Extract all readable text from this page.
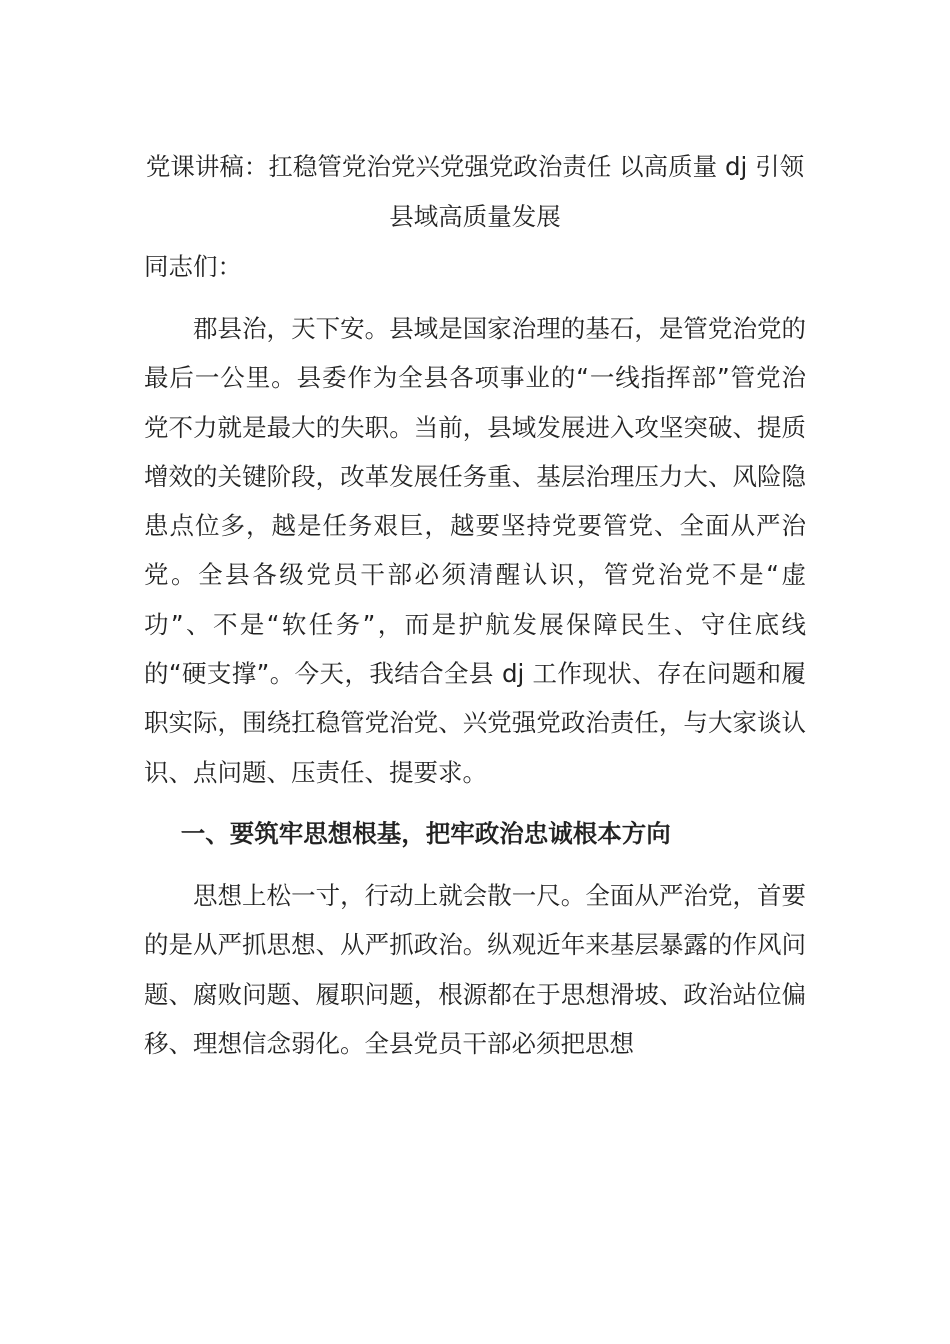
党课讲稿：扛稳管党治党兴党强党政治责任 以高质量 dj 引领县域高质量发展

同志们：

郡县治，天下安。县域是国家治理的基石，是管党治党的最后一公里。县委作为全县各项事业的“一线指挥部”管党治党不力就是最大的失职。当前，县域发展进入攻坚突破、提质增效的关键阶段，改革发展任务重、基层治理压力大、风险隐患点位多，越是任务艰巨，越要坚持党要管党、全面从严治党。全县各级党员干部必须清醒认识，管党治党不是“虚功”、不是“软任务”，而是护航发展保障民生、守住底线的“硬支撑”。今天，我结合全县 dj 工作现状、存在问题和履职实际，围绕扛稳管党治党、兴党强党政治责任，与大家谈认识、点问题、压责任、提要求。

一、要筑牢思想根基，把牢政治忠诚根本方向

思想上松一寸，行动上就会散一尺。全面从严治党，首要的是从严抓思想、从严抓政治。纵观近年来基层暴露的作风问题、腐败问题、履职问题，根源都在于思想滑坡、政治站位偏移、理想信念弱化。全县党员干部必须把思想
